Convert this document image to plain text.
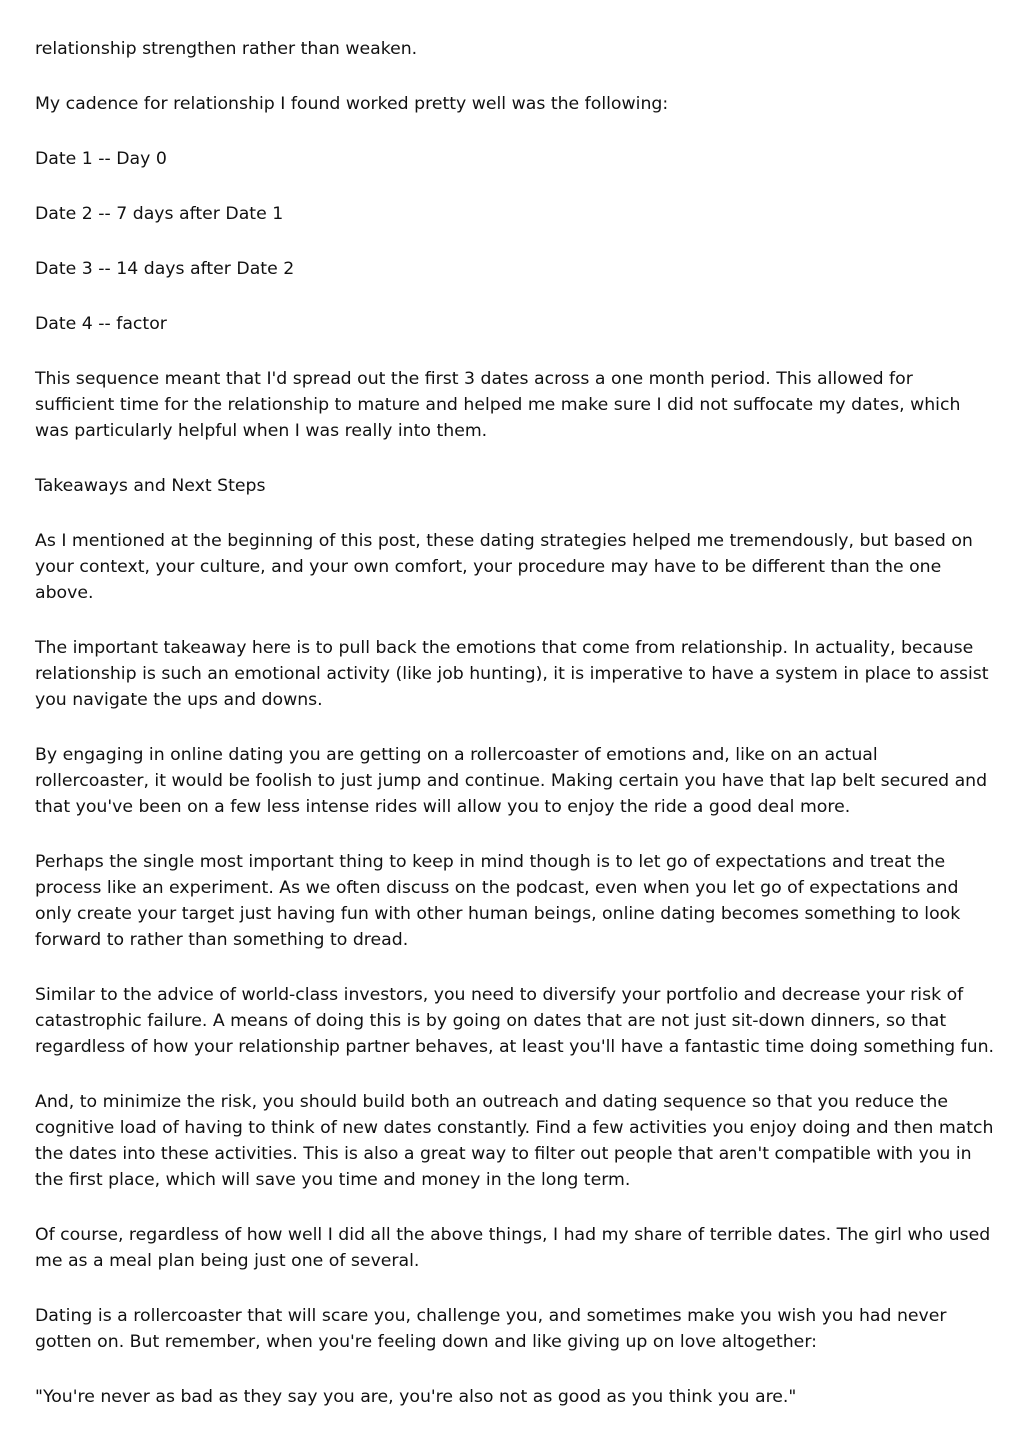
relationship strengthen rather than weaken.

My cadence for relationship I found worked pretty well was the following:

Date 1 -- Day 0

Date 2 -- 7 days after Date 1

Date 3 -- 14 days after Date 2

Date 4 -- factor

This sequence meant that I'd spread out the first 3 dates across a one month period. This allowed for sufficient time for the relationship to mature and helped me make sure I did not suffocate my dates, which was particularly helpful when I was really into them.

Takeaways and Next Steps

As I mentioned at the beginning of this post, these dating strategies helped me tremendously, but based on your context, your culture, and your own comfort, your procedure may have to be different than the one above.

The important takeaway here is to pull back the emotions that come from relationship. In actuality, because relationship is such an emotional activity (like job hunting), it is imperative to have a system in place to assist you navigate the ups and downs.

By engaging in online dating you are getting on a rollercoaster of emotions and, like on an actual rollercoaster, it would be foolish to just jump and continue. Making certain you have that lap belt secured and that you've been on a few less intense rides will allow you to enjoy the ride a good deal more.

Perhaps the single most important thing to keep in mind though is to let go of expectations and treat the process like an experiment. As we often discuss on the podcast, even when you let go of expectations and only create your target just having fun with other human beings, online dating becomes something to look forward to rather than something to dread.

Similar to the advice of world-class investors, you need to diversify your portfolio and decrease your risk of catastrophic failure. A means of doing this is by going on dates that are not just sit-down dinners, so that regardless of how your relationship partner behaves, at least you'll have a fantastic time doing something fun.

And, to minimize the risk, you should build both an outreach and dating sequence so that you reduce the cognitive load of having to think of new dates constantly. Find a few activities you enjoy doing and then match the dates into these activities. This is also a great way to filter out people that aren't compatible with you in the first place, which will save you time and money in the long term.

Of course, regardless of how well I did all the above things, I had my share of terrible dates. The girl who used me as a meal plan being just one of several.

Dating is a rollercoaster that will scare you, challenge you, and sometimes make you wish you had never gotten on. But remember, when you're feeling down and like giving up on love altogether:

"You're never as bad as they say you are, you're also not as good as you think you are."
